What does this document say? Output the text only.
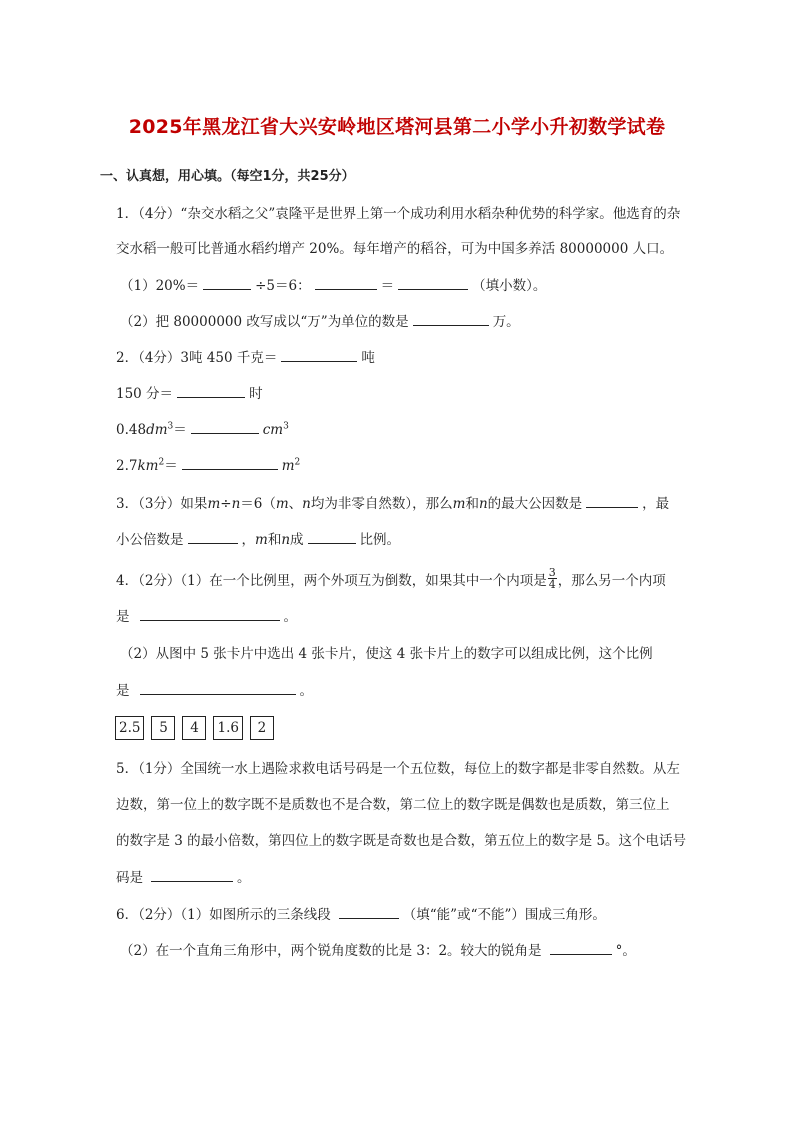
2025年黑龙江省大兴安岭地区塔河县第二小学小升初数学试卷
一、认真想，用心填。（每空1分，共25分）
1．（4分）“杂交水稻之父”袁隆平是世界上第一个成功利用水稻杂种优势的科学家。他选育的杂
交水稻一般可比普通水稻约增产 20%。每年增产的稻谷，可为中国多养活 80000000 人口。
（1）20%＝	÷5＝6：	＝	（填小数）。
（2）把 80000000 改写成以“万”为单位的数是	万。
2．（4分）3吨 450 千克＝	吨
150 分＝	时
$0.48dm^3=$	$cm^3$
$2.7km^2=$	$m^2$
3．（3分）如果m÷n＝6（m、n均为非零自然数），那么m和n的最大公因数是	，最
小公倍数是	，m和n成	比例。
4．（2分）（1）在一个比例里，两个外项互为倒数，如果其中一个内项是 $\frac{3}{4}$ ，那么另一个内项
是	。
（2）从图中 5 张卡片中选出 4 张卡片，使这 4 张卡片上的数字可以组成比例，这个比例
是	。
2.5	5	4	1.6	2
5．（1分）全国统一水上遇险求救电话号码是一个五位数，每位上的数字都是非零自然数。从左
边数，第一位上的数字既不是质数也不是合数，第二位上的数字既是偶数也是质数，第三位上
的数字是 3 的最小倍数，第四位上的数字既是奇数也是合数，第五位上的数字是 5。这个电话号
码是	。
6．（2分）（1）如图所示的三条线段	（填“能”或“不能”）围成三角形。
（2）在一个直角三角形中，两个锐角度数的比是 3：2。较大的锐角是	°。
